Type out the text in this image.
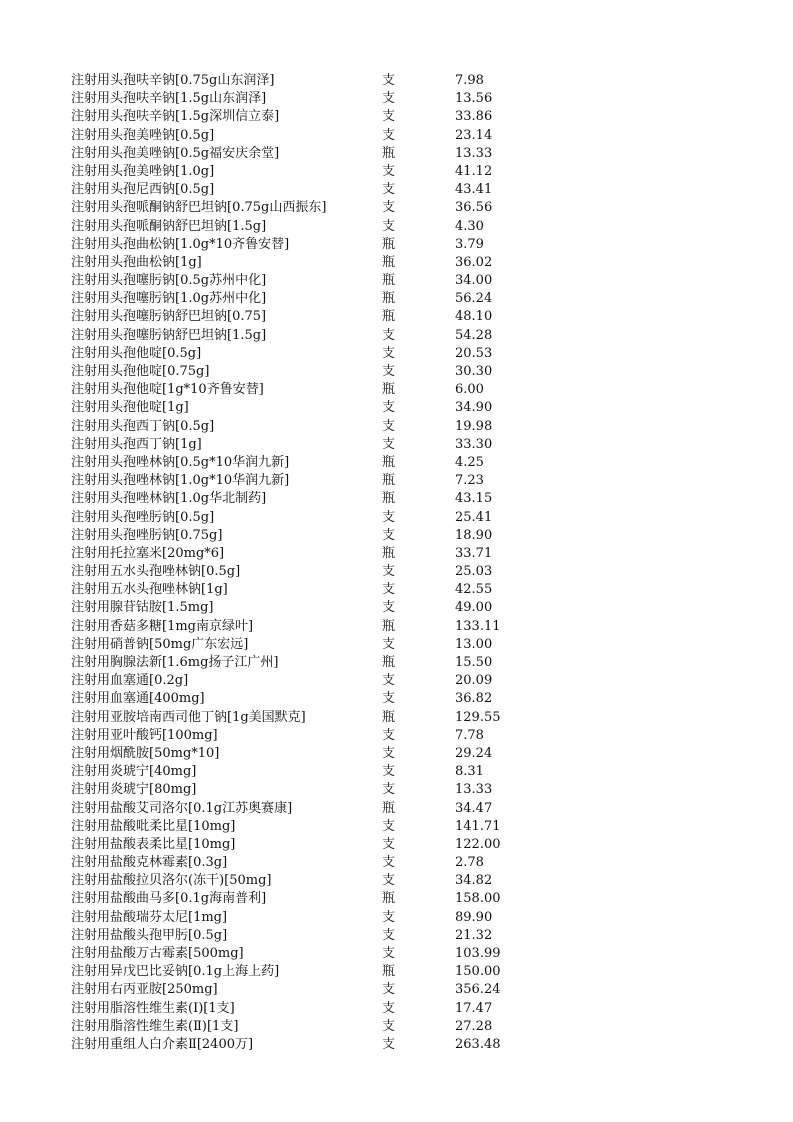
注射用头孢呋辛钠[0.75g山东润泽]	支	7.98
注射用头孢呋辛钠[1.5g山东润泽]	支	13.56
注射用头孢呋辛钠[1.5g深圳信立泰]	支	33.86
注射用头孢美唑钠[0.5g]	支	23.14
注射用头孢美唑钠[0.5g福安庆余堂]	瓶	13.33
注射用头孢美唑钠[1.0g]	支	41.12
注射用头孢尼西钠[0.5g]	支	43.41
注射用头孢哌酮钠舒巴坦钠[0.75g山西振东]	支	36.56
注射用头孢哌酮钠舒巴坦钠[1.5g]	支	4.30
注射用头孢曲松钠[1.0g*10齐鲁安替]	瓶	3.79
注射用头孢曲松钠[1g]	瓶	36.02
注射用头孢噻肟钠[0.5g苏州中化]	瓶	34.00
注射用头孢噻肟钠[1.0g苏州中化]	瓶	56.24
注射用头孢噻肟钠舒巴坦钠[0.75]	瓶	48.10
注射用头孢噻肟钠舒巴坦钠[1.5g]	支	54.28
注射用头孢他啶[0.5g]	支	20.53
注射用头孢他啶[0.75g]	支	30.30
注射用头孢他啶[1g*10齐鲁安替]	瓶	6.00
注射用头孢他啶[1g]	支	34.90
注射用头孢西丁钠[0.5g]	支	19.98
注射用头孢西丁钠[1g]	支	33.30
注射用头孢唑林钠[0.5g*10华润九新]	瓶	4.25
注射用头孢唑林钠[1.0g*10华润九新]	瓶	7.23
注射用头孢唑林钠[1.0g华北制药]	瓶	43.15
注射用头孢唑肟钠[0.5g]	支	25.41
注射用头孢唑肟钠[0.75g]	支	18.90
注射用托拉塞米[20mg*6]	瓶	33.71
注射用五水头孢唑林钠[0.5g]	支	25.03
注射用五水头孢唑林钠[1g]	支	42.55
注射用腺苷钴胺[1.5mg]	支	49.00
注射用香菇多糖[1mg南京绿叶]	瓶	133.11
注射用硝普钠[50mg广东宏远]	支	13.00
注射用胸腺法新[1.6mg扬子江广州]	瓶	15.50
注射用血塞通[0.2g]	支	20.09
注射用血塞通[400mg]	支	36.82
注射用亚胺培南西司他丁钠[1g美国默克]	瓶	129.55
注射用亚叶酸钙[100mg]	支	7.78
注射用烟酰胺[50mg*10]	支	29.24
注射用炎琥宁[40mg]	支	8.31
注射用炎琥宁[80mg]	支	13.33
注射用盐酸艾司洛尔[0.1g江苏奥赛康]	瓶	34.47
注射用盐酸吡柔比星[10mg]	支	141.71
注射用盐酸表柔比星[10mg]	支	122.00
注射用盐酸克林霉素[0.3g]	支	2.78
注射用盐酸拉贝洛尔(冻干)[50mg]	支	34.82
注射用盐酸曲马多[0.1g海南普利]	瓶	158.00
注射用盐酸瑞芬太尼[1mg]	支	89.90
注射用盐酸头孢甲肟[0.5g]	支	21.32
注射用盐酸万古霉素[500mg]	支	103.99
注射用异戊巴比妥钠[0.1g上海上药]	瓶	150.00
注射用右丙亚胺[250mg]	支	356.24
注射用脂溶性维生素(Ⅰ)[1支]	支	17.47
注射用脂溶性维生素(Ⅱ)[1支]	支	27.28
注射用重组人白介素Ⅱ[2400万]	支	263.48
